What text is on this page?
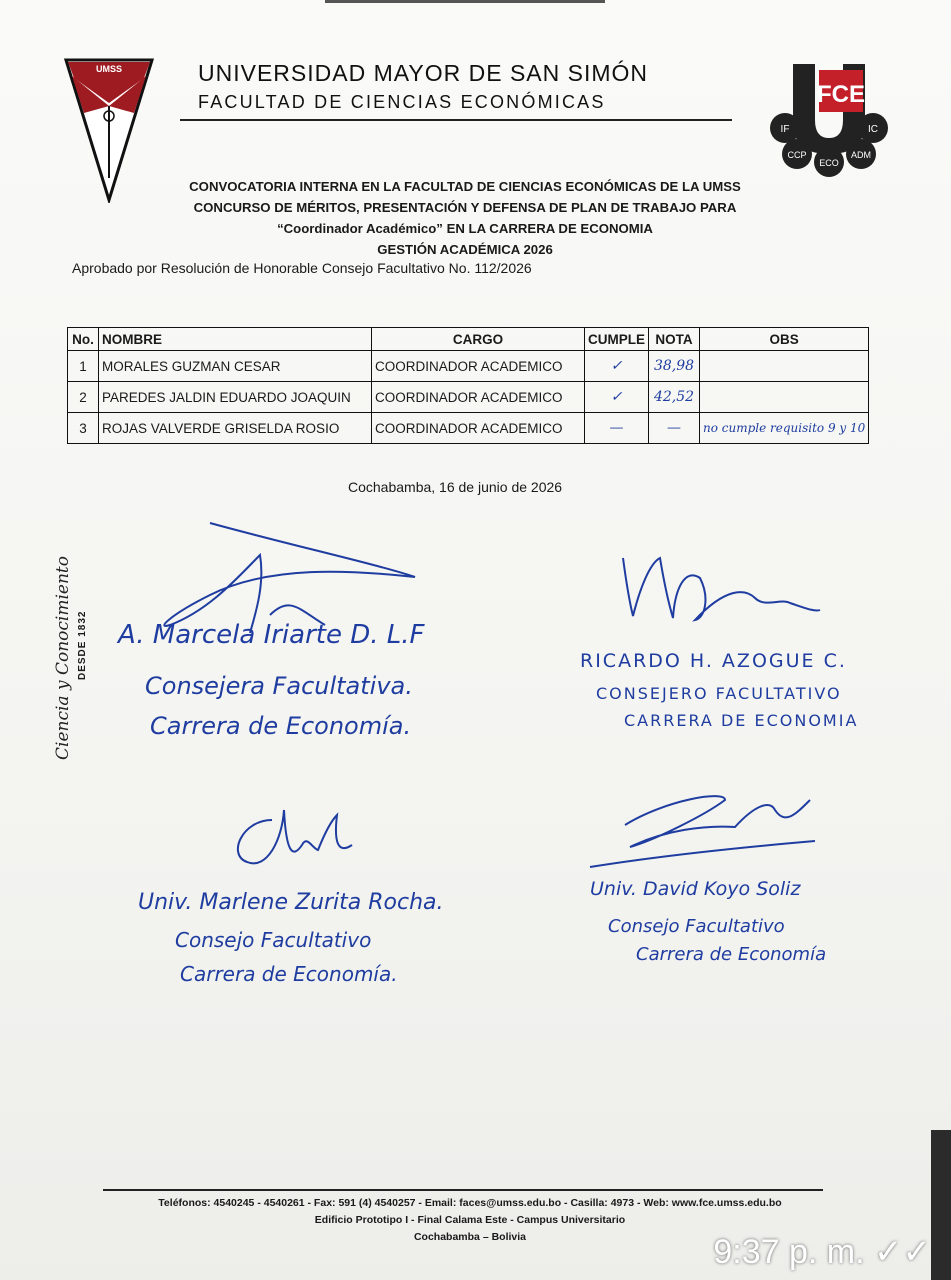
UMSS	UNIVERSIDAD MAYOR DE SAN SIMÓN
FACULTAD DE CIENCIAS ECONÓMICAS	FCE
IF	IC
CCP
ECO
ADM
CONVOCATORIA INTERNA EN LA FACULTAD DE CIENCIAS ECONÓMICAS DE LA UMSS
CONCURSO DE MÉRITOS, PRESENTACIÓN Y DEFENSA DE PLAN DE TRABAJO PARA
“Coordinador Académico” EN LA CARRERA DE ECONOMIA
GESTIÓN ACADÉMICA 2026
Aprobado por Resolución de Honorable Consejo Facultativo No. 112/2026
No.	NOMBRE	CARGO	CUMPLE	NOTA	OBS
1	MORALES GUZMAN CESAR	COORDINADOR ACADEMICO	✓	38,98	
2	PAREDES JALDIN EDUARDO JOAQUIN	COORDINADOR ACADEMICO	✓	42,52	
3	ROJAS VALVERDE GRISELDA ROSIO	COORDINADOR ACADEMICO	—	—	no cumple requisito 9 y 10
Cochabamba, 16 de junio de 2026
Ciencia y Conocimiento DESDE 1832 A. Marcela Iriarte D. L.F
Consejera Facultativa.
Carrera de Economía.
RICARDO H. AZOGUE C.
CONSEJERO FACULTATIVO
CARRERA DE ECONOMIA
Univ. Marlene Zurita Rocha.
Consejo Facultativo
Carrera de Economía.
Univ. David Koyo Soliz
Consejo Facultativo
Carrera de Economía
Teléfonos: 4540245 - 4540261 - Fax: 591 (4) 4540257 - Email: faces@umss.edu.bo - Casilla: 4973 - Web: www.fce.umss.edu.bo
Edificio Prototipo I - Final Calama Este - Campus Universitario
Cochabamba – Bolivia	9:37 p. m. ✓✓
